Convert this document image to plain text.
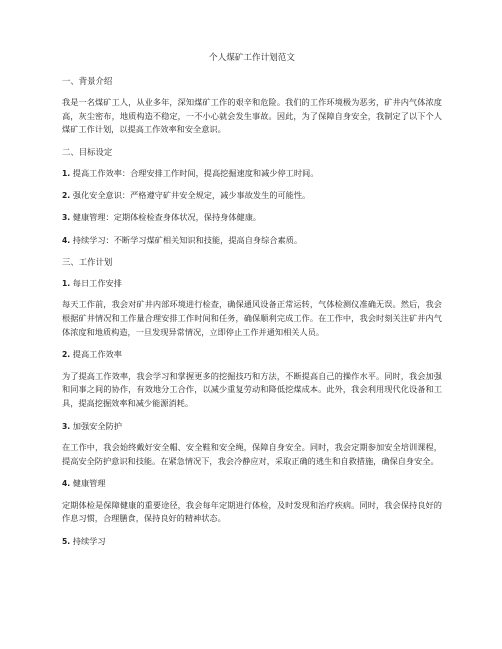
个人煤矿工作计划范文
一、背景介绍
我是一名煤矿工人，从业多年，深知煤矿工作的艰辛和危险。我们的工作环境极为恶劣，矿井内气体浓度高，灰尘密布，地质构造不稳定，一不小心就会发生事故。因此，为了保障自身安全，我制定了以下个人煤矿工作计划，以提高工作效率和安全意识。
二、目标设定
1. 提高工作效率：合理安排工作时间，提高挖掘速度和减少停工时间。
2. 强化安全意识：严格遵守矿井安全规定，减少事故发生的可能性。
3. 健康管理：定期体检检查身体状况，保持身体健康。
4. 持续学习：不断学习煤矿相关知识和技能，提高自身综合素质。
三、工作计划
1. 每日工作安排
每天工作前，我会对矿井内部环境进行检查，确保通风设备正常运转，气体检测仪准确无误。然后，我会根据矿井情况和工作量合理安排工作时间和任务，确保顺利完成工作。在工作中，我会时刻关注矿井内气体浓度和地质构造，一旦发现异常情况，立即停止工作并通知相关人员。
2. 提高工作效率
为了提高工作效率，我会学习和掌握更多的挖掘技巧和方法，不断提高自己的操作水平。同时，我会加强和同事之间的协作，有效地分工合作，以减少重复劳动和降低挖煤成本。此外，我会利用现代化设备和工具，提高挖掘效率和减少能源消耗。
3. 加强安全防护
在工作中，我会始终戴好安全帽、安全鞋和安全绳，保障自身安全。同时，我会定期参加安全培训课程，提高安全防护意识和技能。在紧急情况下，我会冷静应对，采取正确的逃生和自救措施，确保自身安全。
4. 健康管理
定期体检是保障健康的重要途径，我会每年定期进行体检，及时发现和治疗疾病。同时，我会保持良好的作息习惯，合理膳食，保持良好的精神状态。
5. 持续学习
